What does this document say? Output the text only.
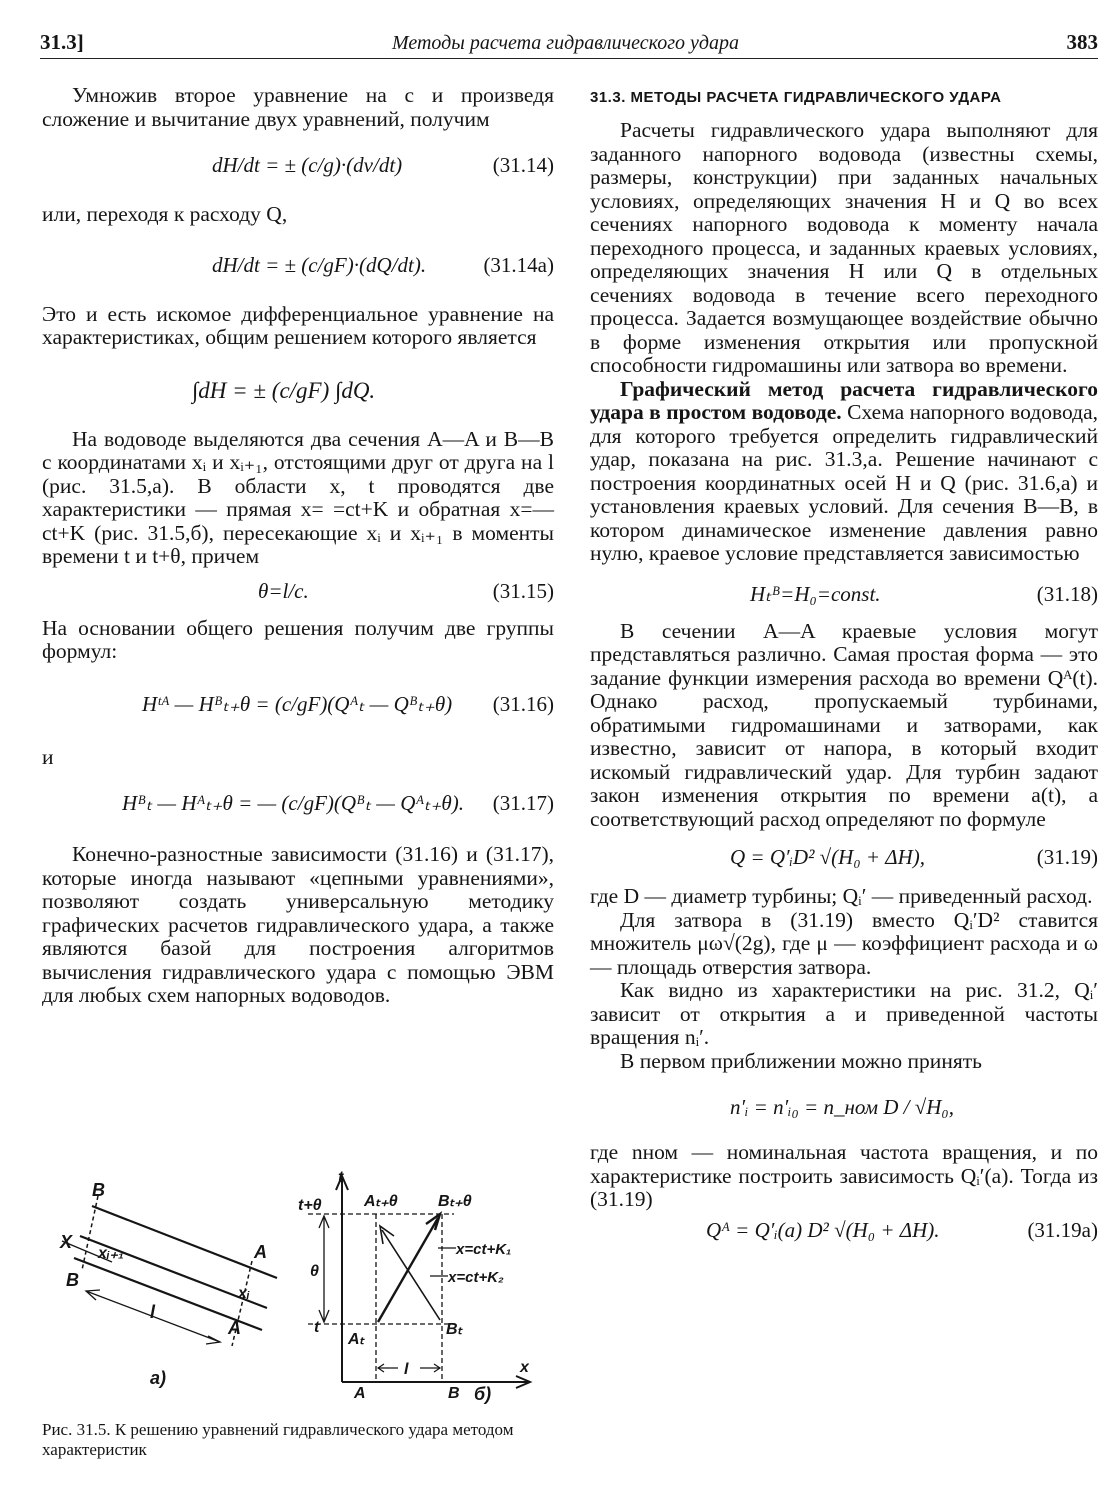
31.3]	Методы расчета гидравлического удара	383

Умножив второе уравнение на c и произведя сложение и вычитание двух уравнений, получим

dH/dt = ± (c/g)·(dv/dt)	(31.14)

или, переходя к расходу Q,

dH/dt = ± (c/gF)·(dQ/dt).	(31.14а)

Это и есть искомое дифференциальное уравнение на характеристиках, общим решением которого является

∫dH = ± (c/gF) ∫dQ.

На водоводе выделяются два сечения A—A и B—B с координатами xᵢ и xᵢ₊₁, отстоящими друг от друга на l (рис. 31.5,а). В области x, t проводятся две характеристики — прямая x= =ct+K и обратная x=—ct+K (рис. 31.5,б), пересекающие xᵢ и xᵢ₊₁ в моменты времени t и t+θ, причем

θ=l/c.	(31.15)

На основании общего решения получим две группы формул:

Hᵗᴬ — Hᴮₜ₊θ = (c/gF)(Qᴬₜ — Qᴮₜ₊θ) (31.16)

и

Hᴮₜ — Hᴬₜ₊θ = — (c/gF)(Qᴮₜ — Qᴬₜ₊θ). (31.17)

Конечно-разностные зависимости (31.16) и (31.17), которые иногда называют «цепными уравнениями», позволяют создать универсальную методику графических расчетов гидравлического удара, а также являются базой для построения алгоритмов вычисления гидравлического удара с помощью ЭВМ для любых схем напорных водоводов.

B
X
xᵢ₊₁
B
A
xᵢ
A
l
а)
t
x
t+θ
t
θ
Aₜ₊θ	Bₜ₊θ
Aₜ
Bₜ
x=ct+K₁
x=ct+K₂
l
A	B б)
Рис. 31.5. К решению уравнений гидравлического удара методом характеристик
31.3. МЕТОДЫ РАСЧЕТА ГИДРАВЛИЧЕСКОГО УДАРА

Расчеты гидравлического удара выполняют для заданного напорного водовода (известны схемы, размеры, конструкции) при заданных начальных условиях, определяющих значения H и Q во всех сечениях напорного водовода к моменту начала переходного процесса, и заданных краевых условиях, определяющих значения H или Q в отдельных сечениях водовода в течение всего переходного процесса. Задается возмущающее воздействие обычно в форме изменения открытия или пропускной способности гидромашины или затвора во времени.

Графический метод расчета гидравлического удара в простом водоводе. Схема напорного водовода, для которого требуется определить гидравлический удар, показана на рис. 31.3,а. Решение начинают с построения координатных осей H и Q (рис. 31.6,а) и установления краевых условий. Для сечения B—B, в котором динамическое изменение давления равно нулю, краевое условие представляется зависимостью

Hₜᴮ=H₀=const.	(31.18)

В сечении A—A краевые условия могут представляться различно. Самая простая форма — это задание функции измерения расхода во времени Qᴬ(t). Однако расход, пропускаемый турбинами, обратимыми гидромашинами и затворами, как известно, зависит от напора, в который входит искомый гидравлический удар. Для турбин задают закон изменения открытия по времени a(t), а соответствующий расход определяют по формуле

Q = Q′ᵢD² √(H₀ + ΔH),	(31.19)

где D — диаметр турбины; Qᵢ′ — приведенный расход.

Для затвора в (31.19) вместо Qᵢ′D² ставится множитель μω√(2g), где μ — коэффициент расхода и ω — площадь отверстия затвора.

Как видно из характеристики на рис. 31.2, Qᵢ′ зависит от открытия a и приведенной частоты вращения nᵢ′.

В первом приближении можно принять

n′ᵢ = n′ᵢ₀ = n_ном D / √H₀,

где nном — номинальная частота вращения, и по характеристике построить зависимость Qᵢ′(a). Тогда из (31.19)

Qᴬ = Q′ᵢ(a) D² √(H₀ + ΔH).	(31.19а)
